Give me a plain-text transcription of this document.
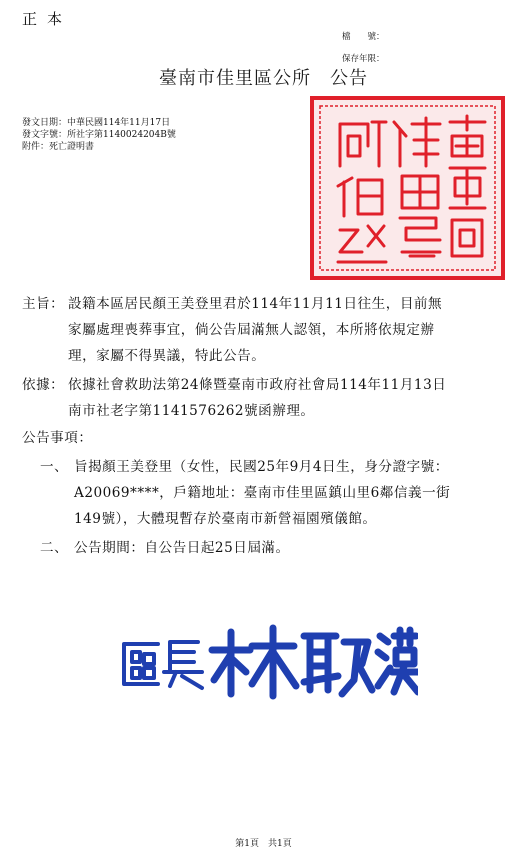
正本
檔　　號：
保存年限：
臺南市佳里區公所　公告
發文日期：中華民國114年11月17日
發文字號：所社字第1140024204B號
附件：死亡證明書
主旨： 設籍本區居民顏王美登里君於114年11月11日往生，目前無
家屬處理喪葬事宜，倘公告屆滿無人認領，本所將依規定辦
理，家屬不得異議，特此公告。
依據： 依據社會救助法第24條暨臺南市政府社會局114年11月13日
南市社老字第1141576262號函辦理。
公告事項：
一、 旨揭顏王美登里（女性，民國25年9月4日生，身分證字號：
A20069****，戶籍地址：臺南市佳里區鎮山里6鄰信義一街
149號），大體現暫存於臺南市新營福園殯儀館。
二、 公告期間：自公告日起25日屆滿。
第1頁　共1頁
